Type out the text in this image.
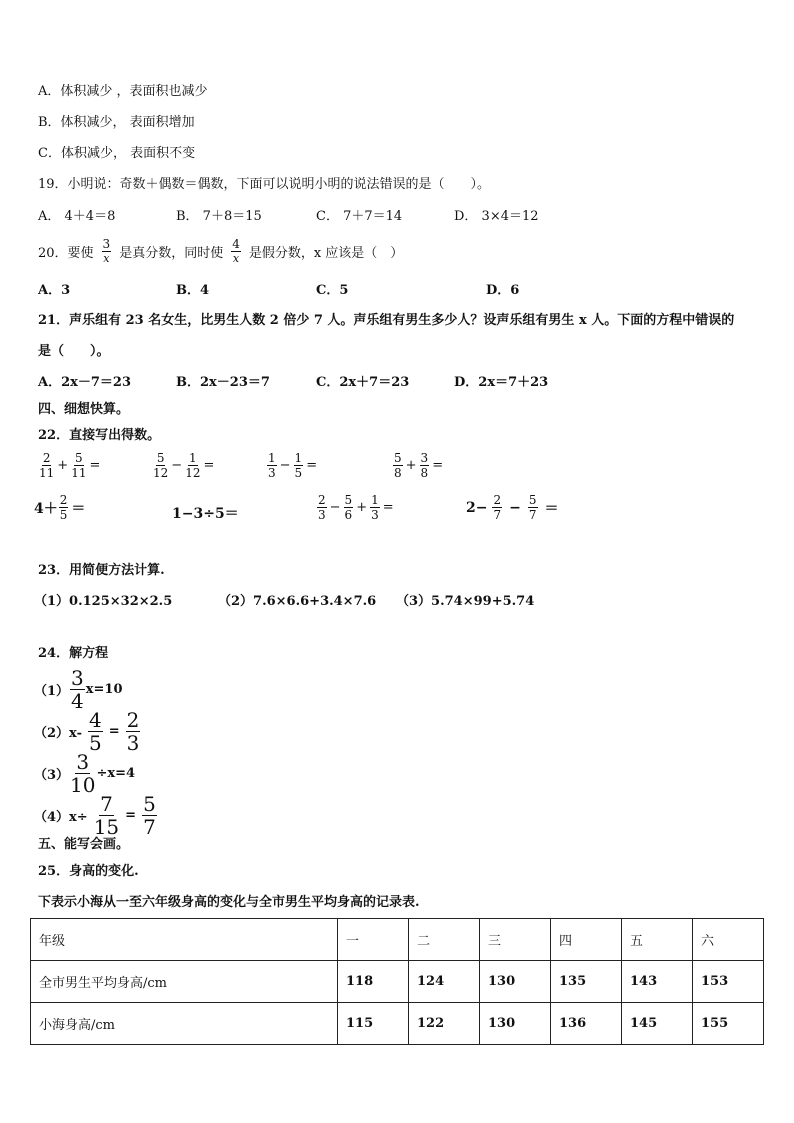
A．体积减少 ，表面积也减少
B．体积减少， 表面积增加
C．体积减少， 表面积不变
19．小明说：奇数＋偶数＝偶数，下面可以说明小明的说法错误的是（　　）。
A． 4＋4＝8	B． 7＋8＝15	C． 7＋7＝14	D． 3×4＝12
20．要使 $\frac{3}{x}$ 是真分数，同时使 $\frac{4}{x}$ 是假分数，x 应该是（　）
A．3	B．4	C．5	D．6
21．声乐组有 23 名女生，比男生人数 2 倍少 7 人。声乐组有男生多少人？设声乐组有男生 x 人。下面的方程中错误的
是（　　）。
A．2x－7＝23	B．2x－23＝7	C．2x＋7＝23	D．2x＝7＋23
四、细想快算。
22．直接写出得数。
$\frac{2}{11} + \frac{5}{11}$ =	$\frac{5}{12} - \frac{1}{12}$ =	$\frac{1}{3} - \frac{1}{5}$ =	$\frac{5}{8} + \frac{3}{8}$ =
$4+ \frac{2}{5}$ ＝	1−3÷5＝	$\frac{2}{3} - \frac{5}{6} + \frac{1}{3}$ =	$2- \frac{2}{7} - \frac{5}{7}$ ＝
23．用简便方法计算.
（1）0.125×32×2.5	（2）7.6×6.6+3.4×7.6 （3）5.74×99+5.74
24．解方程
$(1) \frac{3}{4} x=10$
$(2)x- \frac{4}{5} = \frac{2}{3}$
$(3) \frac{3}{10} \div x=4$
$(4)x\div \frac{7}{15} = \frac{5}{7}$
五、能写会画。
25．身高的变化.
下表示小海从一至六年级身高的变化与全市男生平均身高的记录表.
年级	一	二	三	四	五	六
全市男生平均身高/cm	118	124	130	135	143	153
小海身高/cm	115	122	130	136	145	155
